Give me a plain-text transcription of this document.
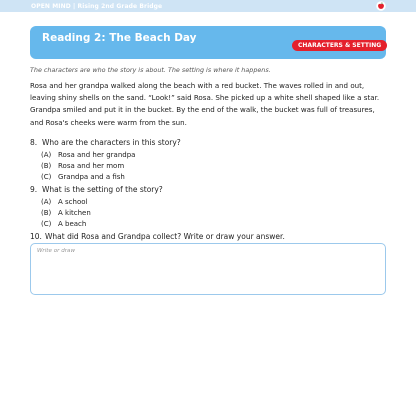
OPEN MIND | Rising 2nd Grade Bridge
Reading 2: The Beach Day
CHARACTERS & SETTING
The characters are who the story is about. The setting is where it happens.
Rosa and her grandpa walked along the beach with a red bucket. The waves rolled in and out, leaving shiny shells on the sand. “Look!” said Rosa. She picked up a white shell shaped like a star. Grandpa smiled and put it in the bucket. By the end of the walk, the bucket was full of treasures, and Rosa's cheeks were warm from the sun.
8. Who are the characters in this story?
(A) Rosa and her grandpa
(B) Rosa and her mom
(C) Grandpa and a fish
9. What is the setting of the story?
(A) A school
(B) A kitchen
(C) A beach
10. What did Rosa and Grandpa collect? Write or draw your answer.
Write or draw
